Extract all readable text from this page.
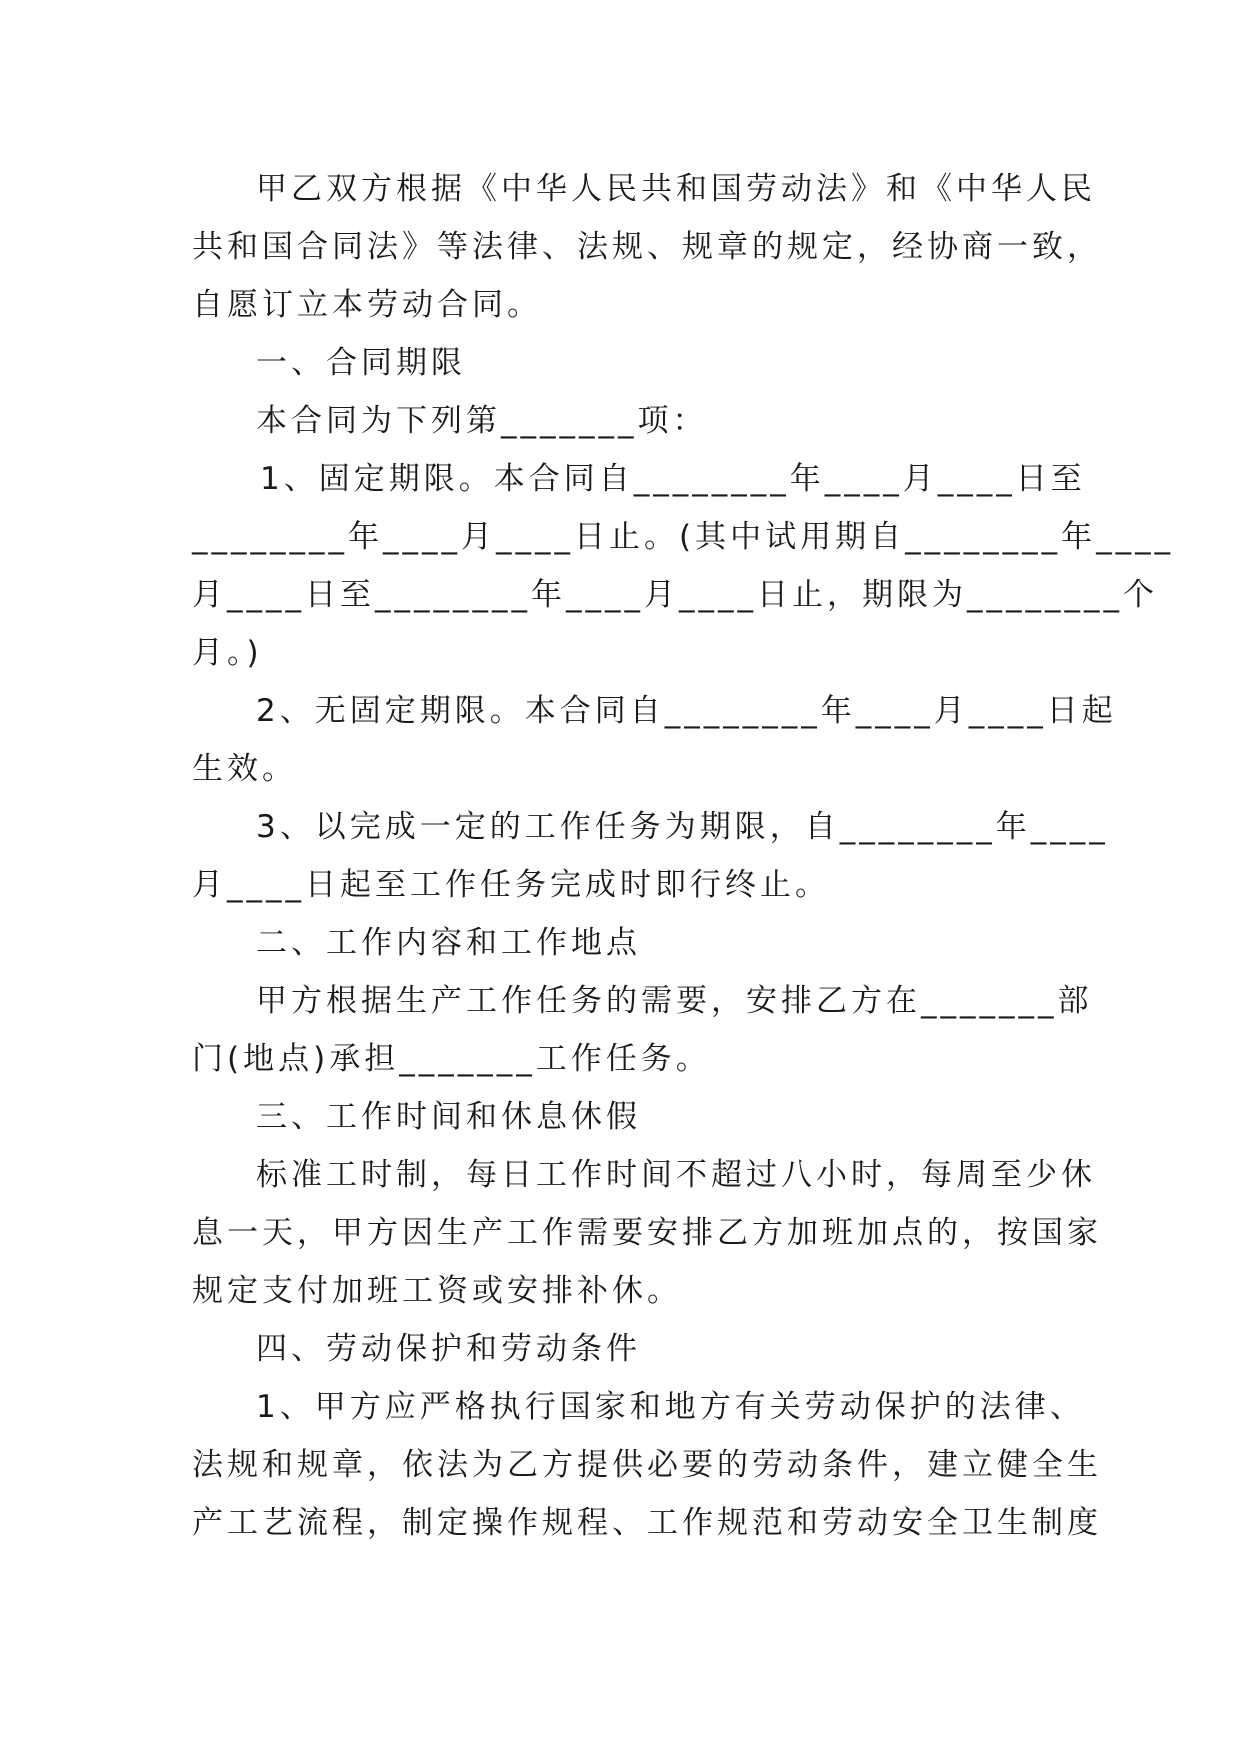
甲乙双方根据《中华人民共和国劳动法》和《中华人民
共和国合同法》等法律、法规、规章的规定，经协商一致，
自愿订立本劳动合同。
一、合同期限
本合同为下列第_______项：
1、固定期限。本合同自________年____月____日至
________年____月____日止。(其中试用期自________年____
月____日至________年____月____日止，期限为________个
月。)
2、无固定期限。本合同自________年____月____日起
生效。
3、以完成一定的工作任务为期限，自________年____
月____日起至工作任务完成时即行终止。
二、工作内容和工作地点
甲方根据生产工作任务的需要，安排乙方在_______部
门(地点)承担_______工作任务。
三、工作时间和休息休假
标准工时制，每日工作时间不超过八小时，每周至少休
息一天，甲方因生产工作需要安排乙方加班加点的，按国家
规定支付加班工资或安排补休。
四、劳动保护和劳动条件
1、甲方应严格执行国家和地方有关劳动保护的法律、
法规和规章，依法为乙方提供必要的劳动条件，建立健全生
产工艺流程，制定操作规程、工作规范和劳动安全卫生制度
